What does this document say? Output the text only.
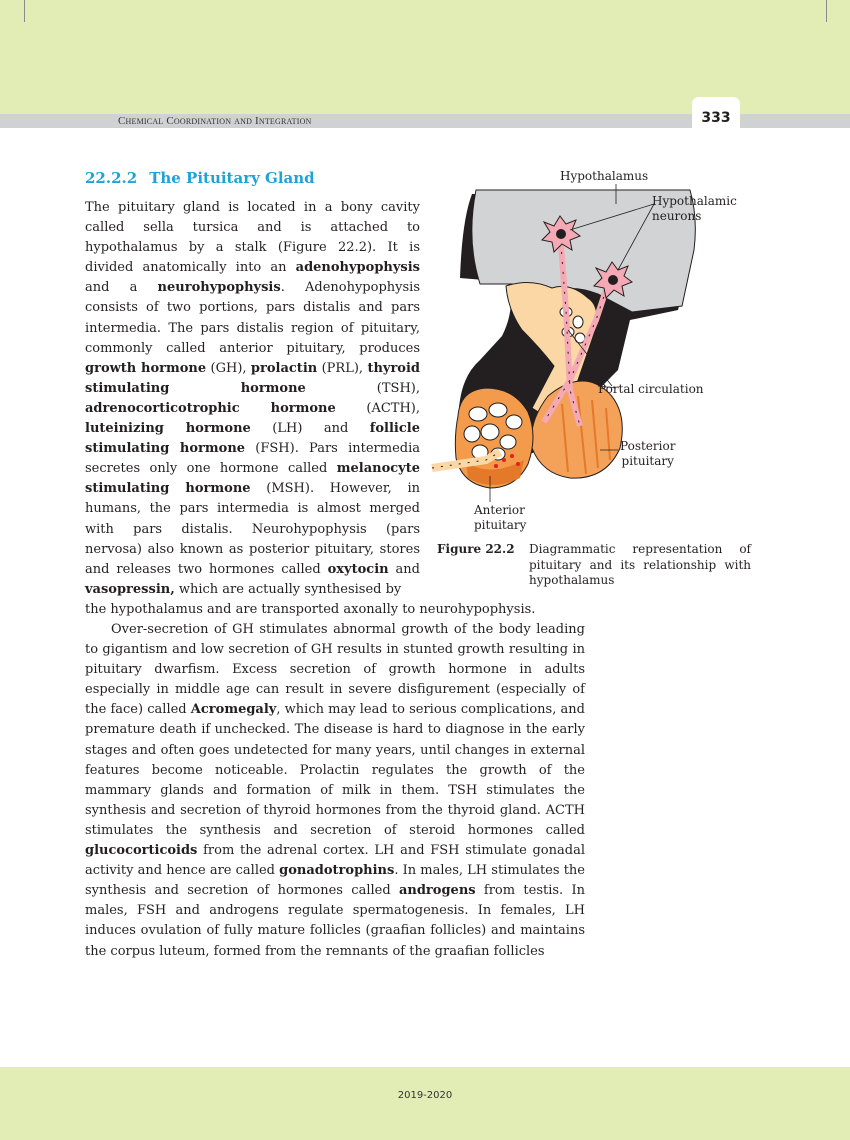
Chemical Coordination and Integration	333
22.2.2 The Pituitary Gland

The pituitary gland is located in a bony cavity called sella tursica and is attached to hypothalamus by a stalk (Figure 22.2). It is divided anatomically into an adenohypophysis and a neurohypophysis. Adenohypophysis consists of two portions, pars distalis and pars intermedia. The pars distalis region of pituitary, commonly called anterior pituitary, produces growth hormone (GH), prolactin (PRL), thyroid stimulating hormone (TSH), adrenocorticotrophic hormone (ACTH), luteinizing hormone (LH) and follicle stimulating hormone (FSH). Pars intermedia secretes only one hormone called melanocyte stimulating hormone (MSH). However, in humans, the pars intermedia is almost merged with pars distalis. Neurohypophysis (pars nervosa) also known as posterior pituitary, stores and releases two hormones called oxytocin and vasopressin, which are actually synthesised by

the hypothalamus and are transported axonally to neurohypophysis.

Over-secretion of GH stimulates abnormal growth of the body leading to gigantism and low secretion of GH results in stunted growth resulting in pituitary dwarfism. Excess secretion of growth hormone in adults especially in middle age can result in severe disfigurement (especially of the face) called Acromegaly, which may lead to serious complications, and premature death if unchecked. The disease is hard to diagnose in the early stages and often goes undetected for many years, until changes in external features become noticeable. Prolactin regulates the growth of the mammary glands and formation of milk in them. TSH stimulates the synthesis and secretion of thyroid hormones from the thyroid gland. ACTH stimulates the synthesis and secretion of steroid hormones called glucocorticoids from the adrenal cortex. LH and FSH stimulate gonadal activity and hence are called gonadotrophins. In males, LH stimulates the synthesis and secretion of hormones called androgens from testis. In males, FSH and androgens regulate spermatogenesis. In females, LH induces ovulation of fully mature follicles (graafian follicles) and maintains the corpus luteum, formed from the remnants of the graafian follicles

Hypothalamus
Hypothalamic
neurons
Portal circulation
Posterior
pituitary
Anterior
pituitary
Figure 22.2 Diagrammatic representation of pituitary and its relationship with hypothalamus
2019-2020
